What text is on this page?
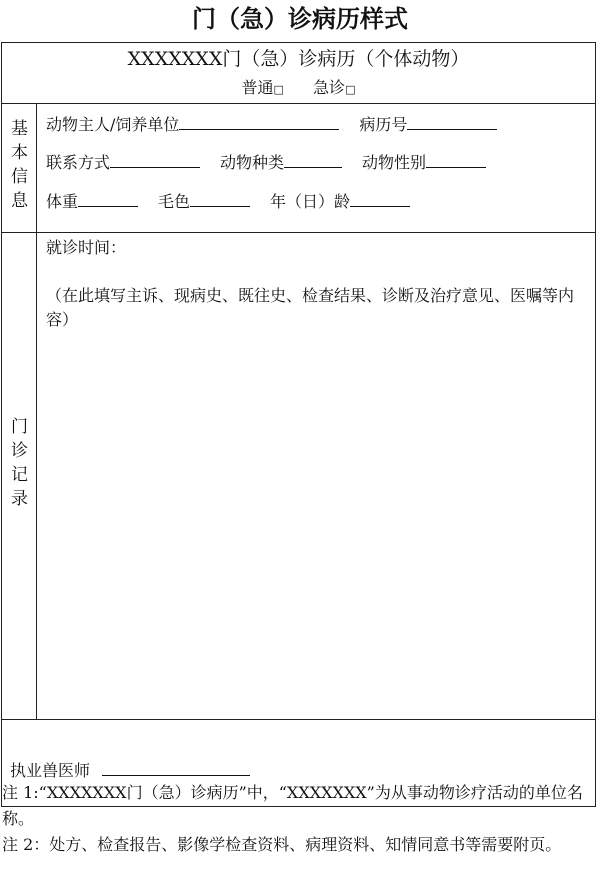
门（急）诊病历样式
XXXXXXX门（急）诊病历（个体动物）
普通□ 急诊□
基
本
信
息
动物主人/饲养单位	病历号
联系方式	动物种类	动物性别
体重	毛色	年（日）龄
门
诊
记
录
就诊时间：
（在此填写主诉、现病史、既往史、检查结果、诊断及治疗意见、医嘱等内容）
执业兽医师

注 1:“XXXXXXX门（急）诊病历”中，“XXXXXXX”为从事动物诊疗活动的单位名称。

注 2：处方、检查报告、影像学检查资料、病理资料、知情同意书等需要附页。
